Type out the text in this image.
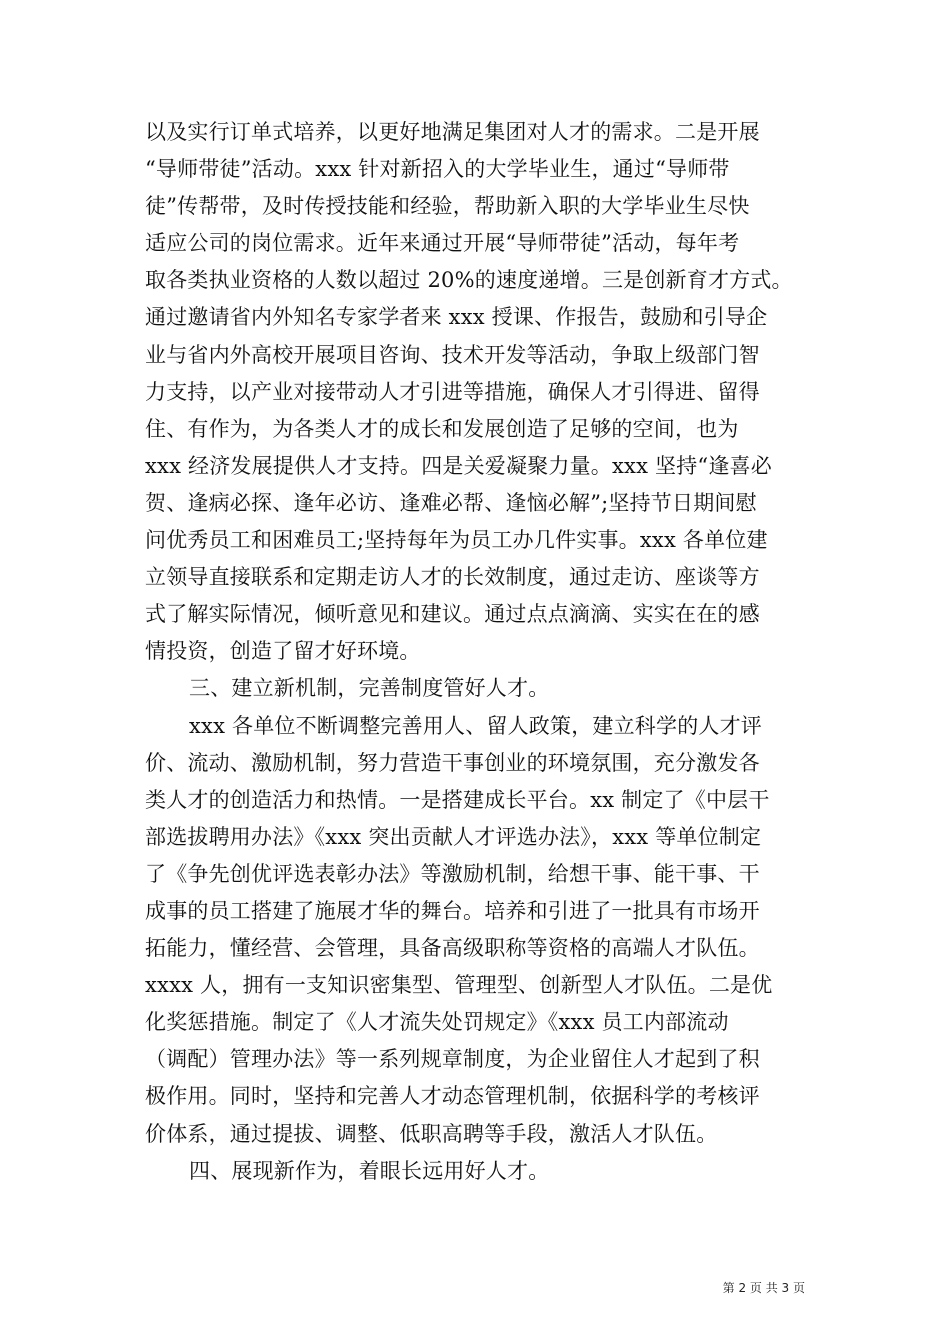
以及实行订单式培养，以更好地满足集团对人才的需求。二是开展
“导师带徒”活动。xxx 针对新招入的大学毕业生，通过“导师带
徒”传帮带，及时传授技能和经验，帮助新入职的大学毕业生尽快
适应公司的岗位需求。近年来通过开展“导师带徒”活动，每年考
取各类执业资格的人数以超过 20%的速度递增。三是创新育才方式。
通过邀请省内外知名专家学者来 xxx 授课、作报告，鼓励和引导企
业与省内外高校开展项目咨询、技术开发等活动，争取上级部门智
力支持，以产业对接带动人才引进等措施，确保人才引得进、留得
住、有作为，为各类人才的成长和发展创造了足够的空间，也为
xxx 经济发展提供人才支持。四是关爱凝聚力量。xxx 坚持“逢喜必
贺、逢病必探、逢年必访、逢难必帮、逢恼必解”;坚持节日期间慰
问优秀员工和困难员工;坚持每年为员工办几件实事。xxx 各单位建
立领导直接联系和定期走访人才的长效制度，通过走访、座谈等方
式了解实际情况，倾听意见和建议。通过点点滴滴、实实在在的感
情投资，创造了留才好环境。
三、建立新机制，完善制度管好人才。
xxx 各单位不断调整完善用人、留人政策，建立科学的人才评
价、流动、激励机制，努力营造干事创业的环境氛围，充分激发各
类人才的创造活力和热情。一是搭建成长平台。xx 制定了《中层干
部选拔聘用办法》《xxx 突出贡献人才评选办法》，xxx 等单位制定
了《争先创优评选表彰办法》等激励机制，给想干事、能干事、干
成事的员工搭建了施展才华的舞台。培养和引进了一批具有市场开
拓能力，懂经营、会管理，具备高级职称等资格的高端人才队伍。
xxxx 人，拥有一支知识密集型、管理型、创新型人才队伍。二是优
化奖惩措施。制定了《人才流失处罚规定》《xxx 员工内部流动
（调配）管理办法》等一系列规章制度，为企业留住人才起到了积
极作用。同时，坚持和完善人才动态管理机制，依据科学的考核评
价体系，通过提拔、调整、低职高聘等手段，激活人才队伍。
四、展现新作为，着眼长远用好人才。
第 2 页 共 3 页
